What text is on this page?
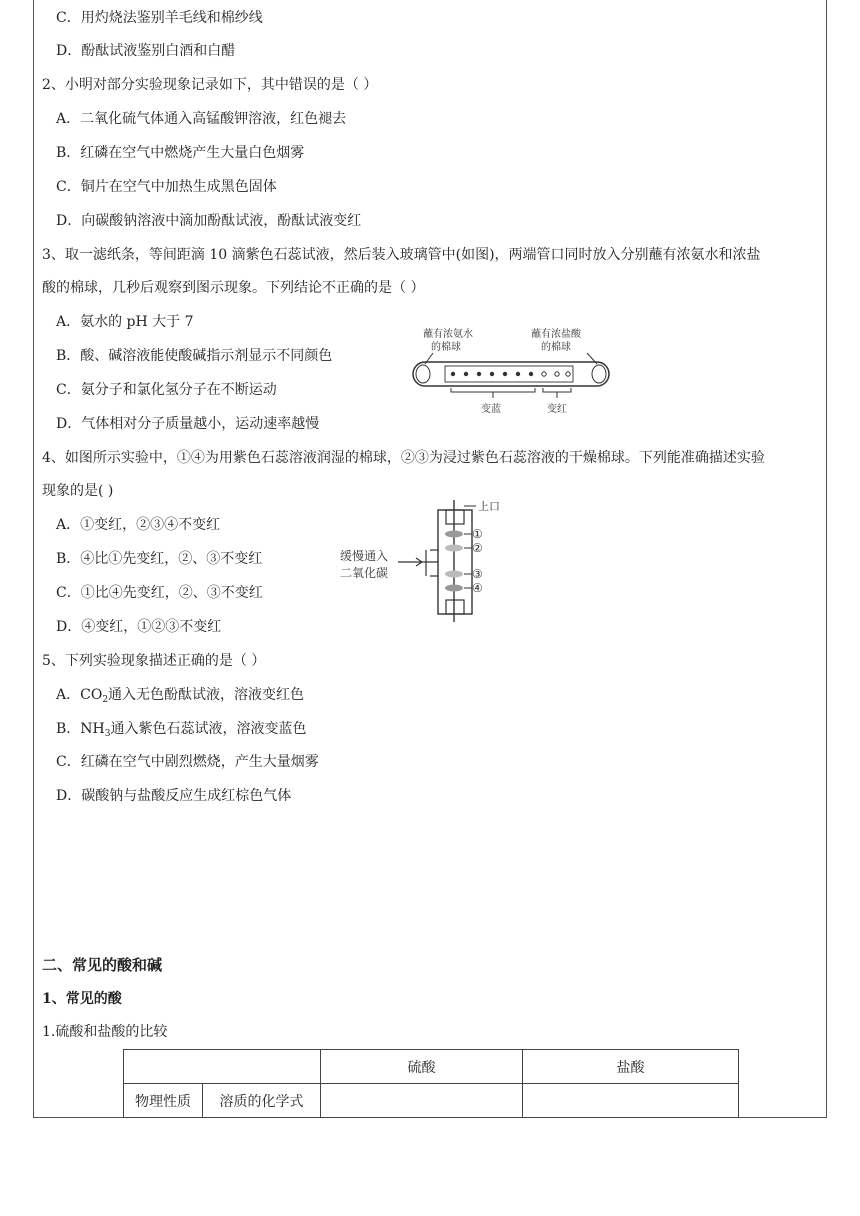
C．用灼烧法鉴别羊毛线和棉纱线
D．酚酞试液鉴别白酒和白醋
2、小明对部分实验现象记录如下，其中错误的是（ ）
A．二氧化硫气体通入高锰酸钾溶液，红色褪去
B．红磷在空气中燃烧产生大量白色烟雾
C．铜片在空气中加热生成黑色固体
D．向碳酸钠溶液中滴加酚酞试液，酚酞试液变红
3、取一滤纸条，等间距滴 10 滴紫色石蕊试液，然后装入玻璃管中(如图)，两端管口同时放入分别蘸有浓氨水和浓盐
酸的棉球，几秒后观察到图示现象。下列结论不正确的是（ ）
A．氨水的 pH 大于 7
B．酸、碱溶液能使酸碱指示剂显示不同颜色
C．氨分子和氯化氢分子在不断运动
D．气体相对分子质量越小，运动速率越慢
蘸有浓氨水
的棉球
蘸有浓盐酸
的棉球
变蓝	变红
4、如图所示实验中，①④为用紫色石蕊溶液润湿的棉球，②③为浸过紫色石蕊溶液的干燥棉球。下列能准确描述实验
现象的是( )
A．①变红，②③④不变红
B．④比①先变红，②、③不变红
C．①比④先变红，②、③不变红
D．④变红，①②③不变红
上口
①
②
③
④
缓慢通入
二氧化碳
5、下列实验现象描述正确的是（ ）
A．$CO_2$通入无色酚酞试液，溶液变红色
B．$NH_3$通入紫色石蕊试液，溶液变蓝色
C．红磷在空气中剧烈燃烧，产生大量烟雾
D．碳酸钠与盐酸反应生成红棕色气体
二、常见的酸和碱
1、常见的酸
1.硫酸和盐酸的比较
		硫酸	盐酸
物理性质	溶质的化学式		
